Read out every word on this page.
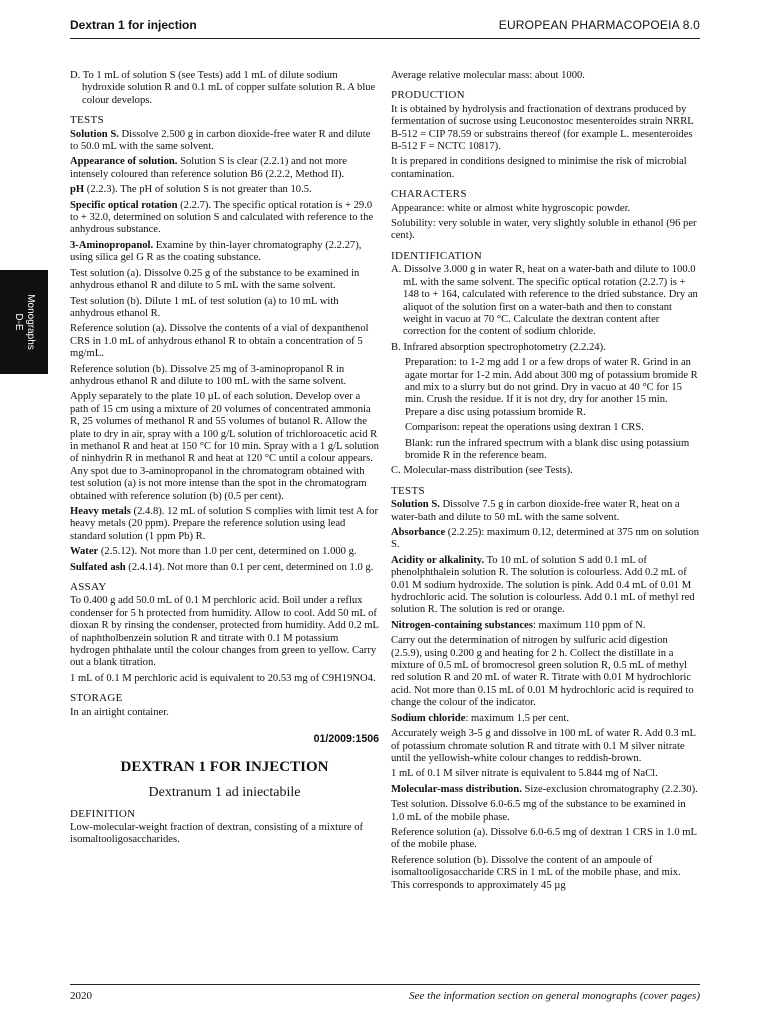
Dextran 1 for injection	EUROPEAN PHARMACOPOEIA 8.0
Monographs
D-E

D. To 1 mL of solution S (see Tests) add 1 mL of dilute sodium hydroxide solution R and 0.1 mL of copper sulfate solution R. A blue colour develops.

TESTS

Solution S. Dissolve 2.500 g in carbon dioxide-free water R and dilute to 50.0 mL with the same solvent.

Appearance of solution. Solution S is clear (2.2.1) and not more intensely coloured than reference solution B6 (2.2.2, Method II).

pH (2.2.3). The pH of solution S is not greater than 10.5.

Specific optical rotation (2.2.7). The specific optical rotation is + 29.0 to + 32.0, determined on solution S and calculated with reference to the anhydrous substance.

3-Aminopropanol. Examine by thin-layer chromatography (2.2.27), using silica gel G R as the coating substance.

Test solution (a). Dissolve 0.25 g of the substance to be examined in anhydrous ethanol R and dilute to 5 mL with the same solvent.

Test solution (b). Dilute 1 mL of test solution (a) to 10 mL with anhydrous ethanol R.

Reference solution (a). Dissolve the contents of a vial of dexpanthenol CRS in 1.0 mL of anhydrous ethanol R to obtain a concentration of 5 mg/mL.

Reference solution (b). Dissolve 25 mg of 3-aminopropanol R in anhydrous ethanol R and dilute to 100 mL with the same solvent.

Apply separately to the plate 10 µL of each solution. Develop over a path of 15 cm using a mixture of 20 volumes of concentrated ammonia R, 25 volumes of methanol R and 55 volumes of butanol R. Allow the plate to dry in air, spray with a 100 g/L solution of trichloroacetic acid R in methanol R and heat at 150 °C for 10 min. Spray with a 1 g/L solution of ninhydrin R in methanol R and heat at 120 °C until a colour appears. Any spot due to 3-aminopropanol in the chromatogram obtained with test solution (a) is not more intense than the spot in the chromatogram obtained with reference solution (b) (0.5 per cent).

Heavy metals (2.4.8). 12 mL of solution S complies with limit test A for heavy metals (20 ppm). Prepare the reference solution using lead standard solution (1 ppm Pb) R.

Water (2.5.12). Not more than 1.0 per cent, determined on 1.000 g.

Sulfated ash (2.4.14). Not more than 0.1 per cent, determined on 1.0 g.

ASSAY

To 0.400 g add 50.0 mL of 0.1 M perchloric acid. Boil under a reflux condenser for 5 h protected from humidity. Allow to cool. Add 50 mL of dioxan R by rinsing the condenser, protected from humidity. Add 0.2 mL of naphtholbenzein solution R and titrate with 0.1 M potassium hydrogen phthalate until the colour changes from green to yellow. Carry out a blank titration.

1 mL of 0.1 M perchloric acid is equivalent to 20.53 mg of C9H19NO4.

STORAGE

In an airtight container.

01/2009:1506

DEXTRAN 1 FOR INJECTION

Dextranum 1 ad iniectabile

DEFINITION

Low-molecular-weight fraction of dextran, consisting of a mixture of isomaltooligosaccharides.

Average relative molecular mass: about 1000.

PRODUCTION

It is obtained by hydrolysis and fractionation of dextrans produced by fermentation of sucrose using Leuconostoc mesenteroides strain NRRL B-512 = CIP 78.59 or substrains thereof (for example L. mesenteroides B-512 F = NCTC 10817).

It is prepared in conditions designed to minimise the risk of microbial contamination.

CHARACTERS

Appearance: white or almost white hygroscopic powder.

Solubility: very soluble in water, very slightly soluble in ethanol (96 per cent).

IDENTIFICATION

A. Dissolve 3.000 g in water R, heat on a water-bath and dilute to 100.0 mL with the same solvent. The specific optical rotation (2.2.7) is + 148 to + 164, calculated with reference to the dried substance. Dry an aliquot of the solution first on a water-bath and then to constant weight in vacuo at 70 °C. Calculate the dextran content after correction for the content of sodium chloride.

B. Infrared absorption spectrophotometry (2.2.24).

Preparation: to 1-2 mg add 1 or a few drops of water R. Grind in an agate mortar for 1-2 min. Add about 300 mg of potassium bromide R and mix to a slurry but do not grind. Dry in vacuo at 40 °C for 15 min. Crush the residue. If it is not dry, dry for another 15 min. Prepare a disc using potassium bromide R.

Comparison: repeat the operations using dextran 1 CRS.

Blank: run the infrared spectrum with a blank disc using potassium bromide R in the reference beam.

C. Molecular-mass distribution (see Tests).

TESTS

Solution S. Dissolve 7.5 g in carbon dioxide-free water R, heat on a water-bath and dilute to 50 mL with the same solvent.

Absorbance (2.2.25): maximum 0.12, determined at 375 nm on solution S.

Acidity or alkalinity. To 10 mL of solution S add 0.1 mL of phenolphthalein solution R. The solution is colourless. Add 0.2 mL of 0.01 M sodium hydroxide. The solution is pink. Add 0.4 mL of 0.01 M hydrochloric acid. The solution is colourless. Add 0.1 mL of methyl red solution R. The solution is red or orange.

Nitrogen-containing substances: maximum 110 ppm of N.

Carry out the determination of nitrogen by sulfuric acid digestion (2.5.9), using 0.200 g and heating for 2 h. Collect the distillate in a mixture of 0.5 mL of bromocresol green solution R, 0.5 mL of methyl red solution R and 20 mL of water R. Titrate with 0.01 M hydrochloric acid. Not more than 0.15 mL of 0.01 M hydrochloric acid is required to change the colour of the indicator.

Sodium chloride: maximum 1.5 per cent.

Accurately weigh 3-5 g and dissolve in 100 mL of water R. Add 0.3 mL of potassium chromate solution R and titrate with 0.1 M silver nitrate until the yellowish-white colour changes to reddish-brown.

1 mL of 0.1 M silver nitrate is equivalent to 5.844 mg of NaCl.

Molecular-mass distribution. Size-exclusion chromatography (2.2.30).

Test solution. Dissolve 6.0-6.5 mg of the substance to be examined in 1.0 mL of the mobile phase.

Reference solution (a). Dissolve 6.0-6.5 mg of dextran 1 CRS in 1.0 mL of the mobile phase.

Reference solution (b). Dissolve the content of an ampoule of isomaltooligosaccharide CRS in 1 mL of the mobile phase, and mix. This corresponds to approximately 45 µg

2020	See the information section on general monographs (cover pages)
